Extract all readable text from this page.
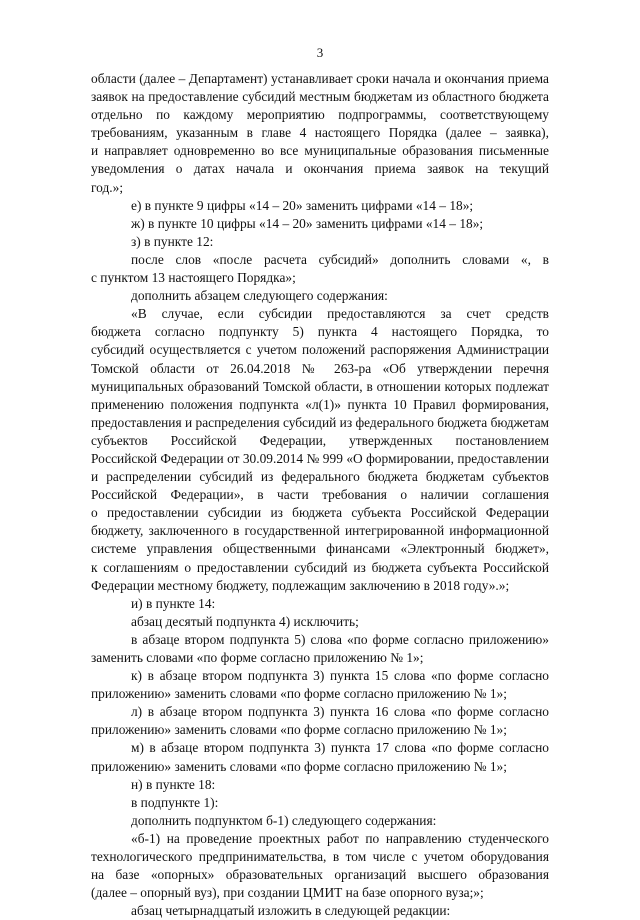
3
области (далее – Департамент) устанавливает сроки начала и окончания приема
заявок на предоставление субсидий местным бюджетам из областного бюджета
отдельно по каждому мероприятию подпрограммы, соответствующему
требованиям, указанным в главе 4 настоящего Порядка (далее – заявка),
и направляет одновременно во все муниципальные образования письменные
уведомления о датах начала и окончания приема заявок на текущий
год.»;
е) в пункте 9 цифры «14 – 20» заменить цифрами «14 – 18»;
ж) в пункте 10 цифры «14 – 20» заменить цифрами «14 – 18»;
з) в пункте 12:
после слов «после расчета субсидий» дополнить словами «, в
с пунктом 13 настоящего Порядка»;
дополнить абзацем следующего содержания:
«В случае, если субсидии предоставляются за счет средств
бюджета согласно подпункту 5) пункта 4 настоящего Порядка, то
субсидий осуществляется с учетом положений распоряжения Администрации
Томской области от 26.04.2018 № 263-ра «Об утверждении перечня
муниципальных образований Томской области, в отношении которых подлежат
применению положения подпункта «л(1)» пункта 10 Правил формирования,
предоставления и распределения субсидий из федерального бюджета бюджетам
субъектов Российской Федерации, утвержденных постановлением
Российской Федерации от 30.09.2014 № 999 «О формировании, предоставлении
и распределении субсидий из федерального бюджета бюджетам субъектов
Российской Федерации», в части требования о наличии соглашения
о предоставлении субсидии из бюджета субъекта Российской Федерации
бюджету, заключенного в государственной интегрированной информационной
системе управления общественными финансами «Электронный бюджет»,
к соглашениям о предоставлении субсидий из бюджета субъекта Российской
Федерации местному бюджету, подлежащим заключению в 2018 году».»;
и) в пункте 14:
абзац десятый подпункта 4) исключить;
в абзаце втором подпункта 5) слова «по форме согласно приложению»
заменить словами «по форме согласно приложению № 1»;
к) в абзаце втором подпункта 3) пункта 15 слова «по форме согласно
приложению» заменить словами «по форме согласно приложению № 1»;
л) в абзаце втором подпункта 3) пункта 16 слова «по форме согласно
приложению» заменить словами «по форме согласно приложению № 1»;
м) в абзаце втором подпункта 3) пункта 17 слова «по форме согласно
приложению» заменить словами «по форме согласно приложению № 1»;
н) в пункте 18:
в подпункте 1):
дополнить подпунктом б-1) следующего содержания:
«б-1) на проведение проектных работ по направлению студенческого
технологического предпринимательства, в том числе с учетом оборудования
на базе «опорных» образовательных организаций высшего образования
(далее – опорный вуз), при создании ЦМИТ на базе опорного вуза;»;
абзац четырнадцатый изложить в следующей редакции:
